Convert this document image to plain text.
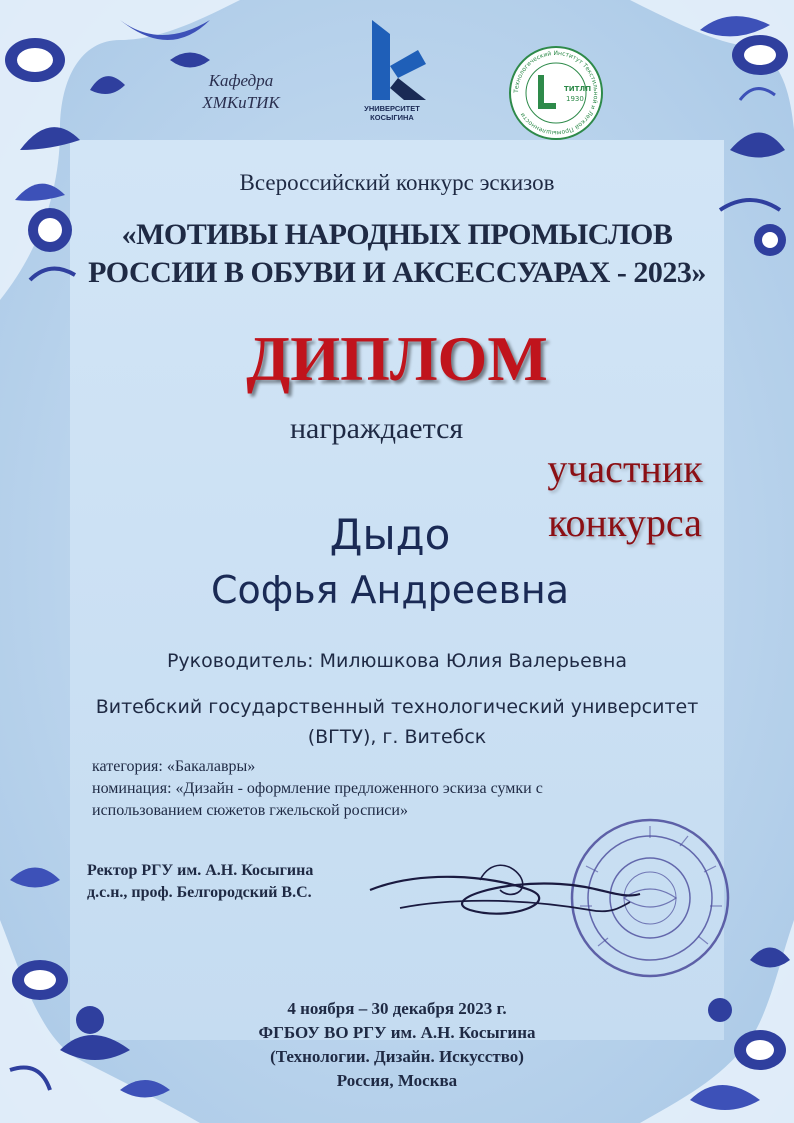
Кафедра
ХМКиТИК	УНИВЕРСИТЕТ
КОСЫГИНА
Технологический Институт Текстильной и Легкой Промышленности
ТИТЛП
1930
Всероссийский конкурс эскизов
«МОТИВЫ НАРОДНЫХ ПРОМЫСЛОВ
РОССИИ В ОБУВИ И АКСЕССУАРАХ - 2023»
ДИПЛОМ
награждается
участник
конкурса
Дыдо
Софья Андреевна
Руководитель: Милюшкова Юлия Валерьевна
Витебский государственный технологический университет
(ВГТУ), г. Витебск
категория: «Бакалавры»
номинация: «Дизайн - оформление предложенного эскиза сумки с
использованием сюжетов гжельской росписи»
Ректор РГУ им. А.Н. Косыгина
д.с.н., проф. Белгородский В.С.
4 ноября – 30 декабря 2023 г.
ФГБОУ ВО РГУ им. А.Н. Косыгина
(Технологии. Дизайн. Искусство)
Россия, Москва
